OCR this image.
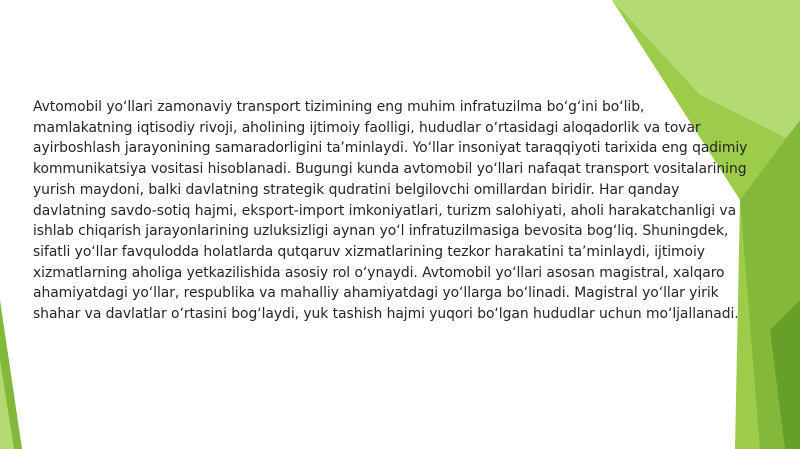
Avtomobil yo‘llari zamonaviy transport tizimining eng muhim infratuzilma bo‘g‘ini bo‘lib, mamlakatning iqtisodiy rivoji, aholining ijtimoiy faolligi, hududlar o‘rtasidagi aloqadorlik va tovar ayirboshlash jarayonining samaradorligini ta’minlaydi. Yo‘llar insoniyat taraqqiyoti tarixida eng qadimiy kommunikatsiya vositasi hisoblanadi. Bugungi kunda avtomobil yo‘llari nafaqat transport vositalarining yurish maydoni, balki davlatning strategik qudratini belgilovchi omillardan biridir. Har qanday davlatning savdo-sotiq hajmi, eksport-import imkoniyatlari, turizm salohiyati, aholi harakatchanligi va ishlab chiqarish jarayonlarining uzluksizligi aynan yo‘l infratuzilmasiga bevosita bog‘liq. Shuningdek, sifatli yo‘llar favqulodda holatlarda qutqaruv xizmatlarining tezkor harakatini ta’minlaydi, ijtimoiy xizmatlarning aholiga yetkazilishida asosiy rol o‘ynaydi. Avtomobil yo‘llari asosan magistral, xalqaro ahamiyatdagi yo‘llar, respublika va mahalliy ahamiyatdagi yo‘llarga bo‘linadi. Magistral yo‘llar yirik shahar va davlatlar o‘rtasini bog‘laydi, yuk tashish hajmi yuqori bo‘lgan hududlar uchun mo‘ljallanadi.
